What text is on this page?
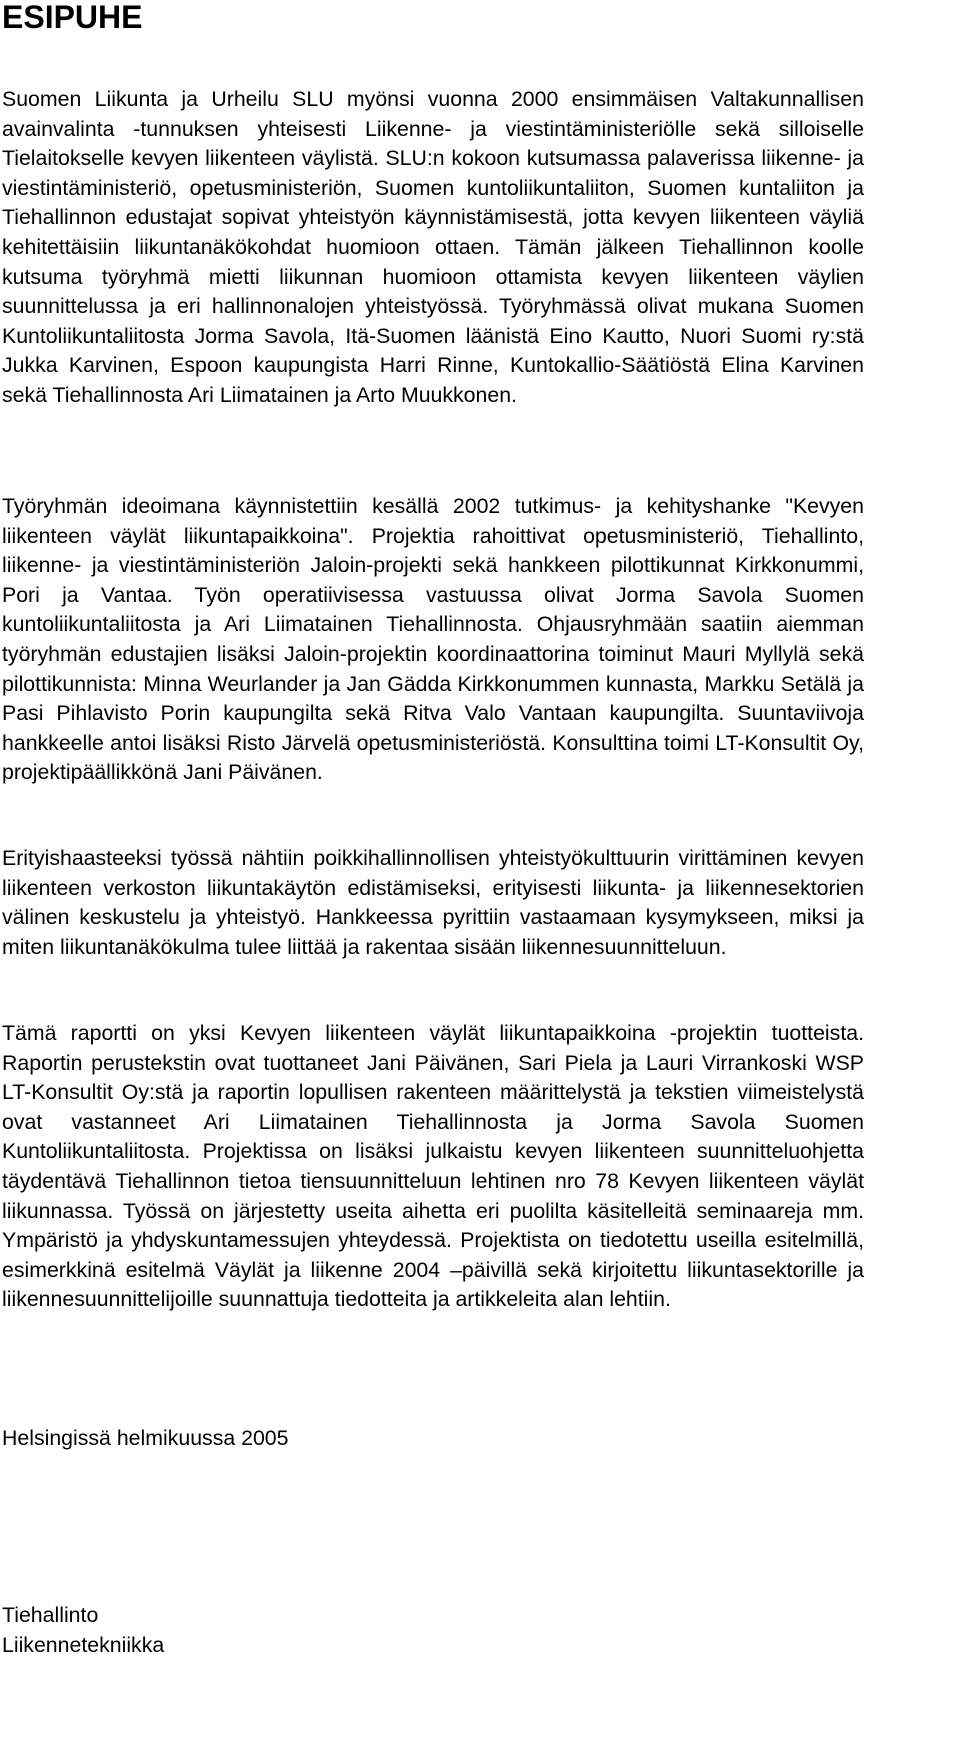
ESIPUHE

Suomen Liikunta ja Urheilu SLU myönsi vuonna 2000 ensimmäisen Valtakunnallisen avainvalinta -tunnuksen yhteisesti Liikenne- ja viestintäministeriölle sekä silloiselle Tielaitokselle kevyen liikenteen väylistä. SLU:n kokoon kutsumassa palaverissa liikenne- ja viestintäministeriö, opetusministeriön, Suomen kuntoliikuntaliiton, Suomen kuntaliiton ja Tiehallinnon edustajat sopivat yhteistyön käynnistämisestä, jotta kevyen liikenteen väyliä kehitettäisiin liikuntanäkökohdat huomioon ottaen. Tämän jälkeen Tiehallinnon koolle kutsuma työryhmä mietti liikunnan huomioon ottamista kevyen liikenteen väylien suunnittelussa ja eri hallinnonalojen yhteistyössä. Työryhmässä olivat mukana Suomen Kuntoliikuntaliitosta Jorma Savola, Itä-Suomen läänistä Eino Kautto, Nuori Suomi ry:stä Jukka Karvinen, Espoon kaupungista Harri Rinne, Kuntokallio-Säätiöstä Elina Karvinen sekä Tiehallinnosta Ari Liimatainen ja Arto Muukkonen.

Työryhmän ideoimana käynnistettiin kesällä 2002 tutkimus- ja kehityshanke "Kevyen liikenteen väylät liikuntapaikkoina". Projektia rahoittivat opetusministeriö, Tiehallinto, liikenne- ja viestintäministeriön Jaloin-projekti sekä hankkeen pilottikunnat Kirkkonummi, Pori ja Vantaa. Työn operatiivisessa vastuussa olivat Jorma Savola Suomen kuntoliikuntaliitosta ja Ari Liimatainen Tiehallinnosta. Ohjausryhmään saatiin aiemman työryhmän edustajien lisäksi Jaloin-projektin koordinaattorina toiminut Mauri Myllylä sekä pilottikunnista: Minna Weurlander ja Jan Gädda Kirkkonummen kunnasta, Markku Setälä ja Pasi Pihlavisto Porin kaupungilta sekä Ritva Valo Vantaan kaupungilta. Suuntaviivoja hankkeelle antoi lisäksi Risto Järvelä opetusministeriöstä. Konsulttina toimi LT-Konsultit Oy, projektipäällikkönä Jani Päivänen.

Erityishaasteeksi työssä nähtiin poikkihallinnollisen yhteistyökulttuurin virittäminen kevyen liikenteen verkoston liikuntakäytön edistämiseksi, erityisesti liikunta- ja liikennesektorien välinen keskustelu ja yhteistyö. Hankkeessa pyrittiin vastaamaan kysymykseen, miksi ja miten liikuntanäkökulma tulee liittää ja rakentaa sisään liikennesuunnitteluun.

Tämä raportti on yksi Kevyen liikenteen väylät liikuntapaikkoina -projektin tuotteista. Raportin perustekstin ovat tuottaneet Jani Päivänen, Sari Piela ja Lauri Virrankoski WSP LT-Konsultit Oy:stä ja raportin lopullisen rakenteen määrittelystä ja tekstien viimeistelystä ovat vastanneet Ari Liimatainen Tiehallinnosta ja Jorma Savola Suomen Kuntoliikuntaliitosta. Projektissa on lisäksi julkaistu kevyen liikenteen suunnitteluohjetta täydentävä Tiehallinnon tietoa tiensuunnitteluun lehtinen nro 78 Kevyen liikenteen väylät liikunnassa. Työssä on järjestetty useita aihetta eri puolilta käsitelleitä seminaareja mm. Ympäristö ja yhdyskuntamessujen yhteydessä. Projektista on tiedotettu useilla esitelmillä, esimerkkinä esitelmä Väylät ja liikenne 2004 –päivillä sekä kirjoitettu liikuntasektorille ja liikennesuunnittelijoille suunnattuja tiedotteita ja artikkeleita alan lehtiin.

Helsingissä helmikuussa 2005

Tiehallinto

Liikennetekniikka
